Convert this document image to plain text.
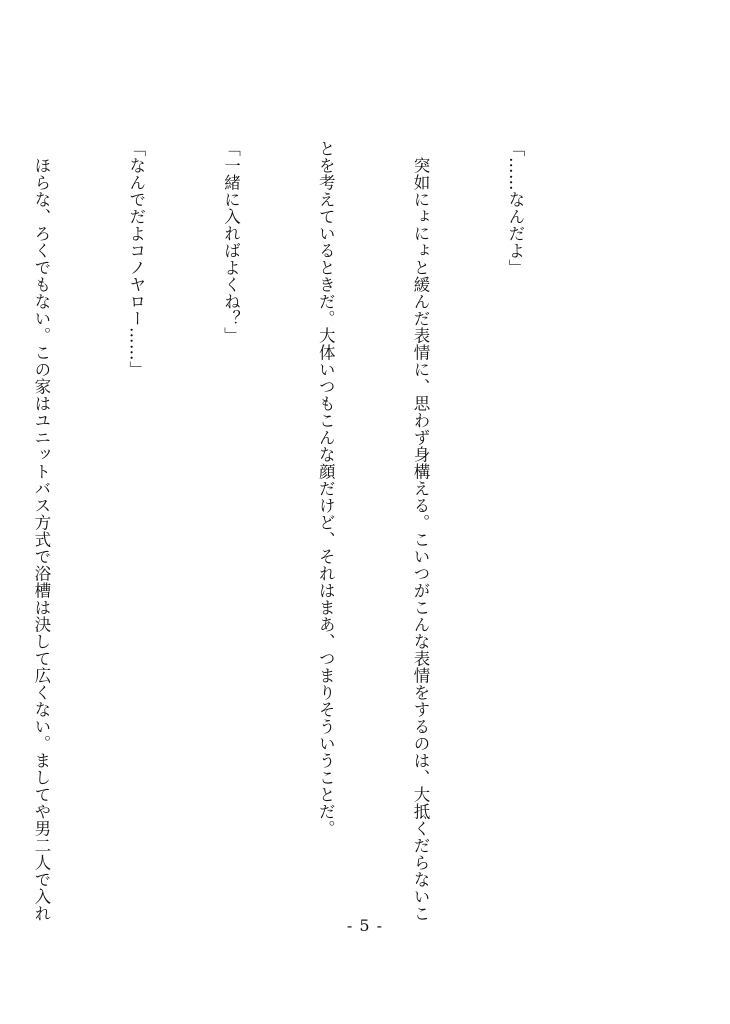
「……なんだよ」

　突如にょにょと緩んだ表情に、思わず身構える。こいつがこんな表情をするのは、大抵くだらないこ

とを考えているときだ。大体いつもこんな顔だけど、それはまあ、つまりそういうことだ。

「一緒に入ればよくね？」

「なんでだよコノヤロー……」

　ほらな、ろくでもない。この家はユニットバス方式で浴槽は決して広くない。ましてや男二人で入れ

- 5 -
